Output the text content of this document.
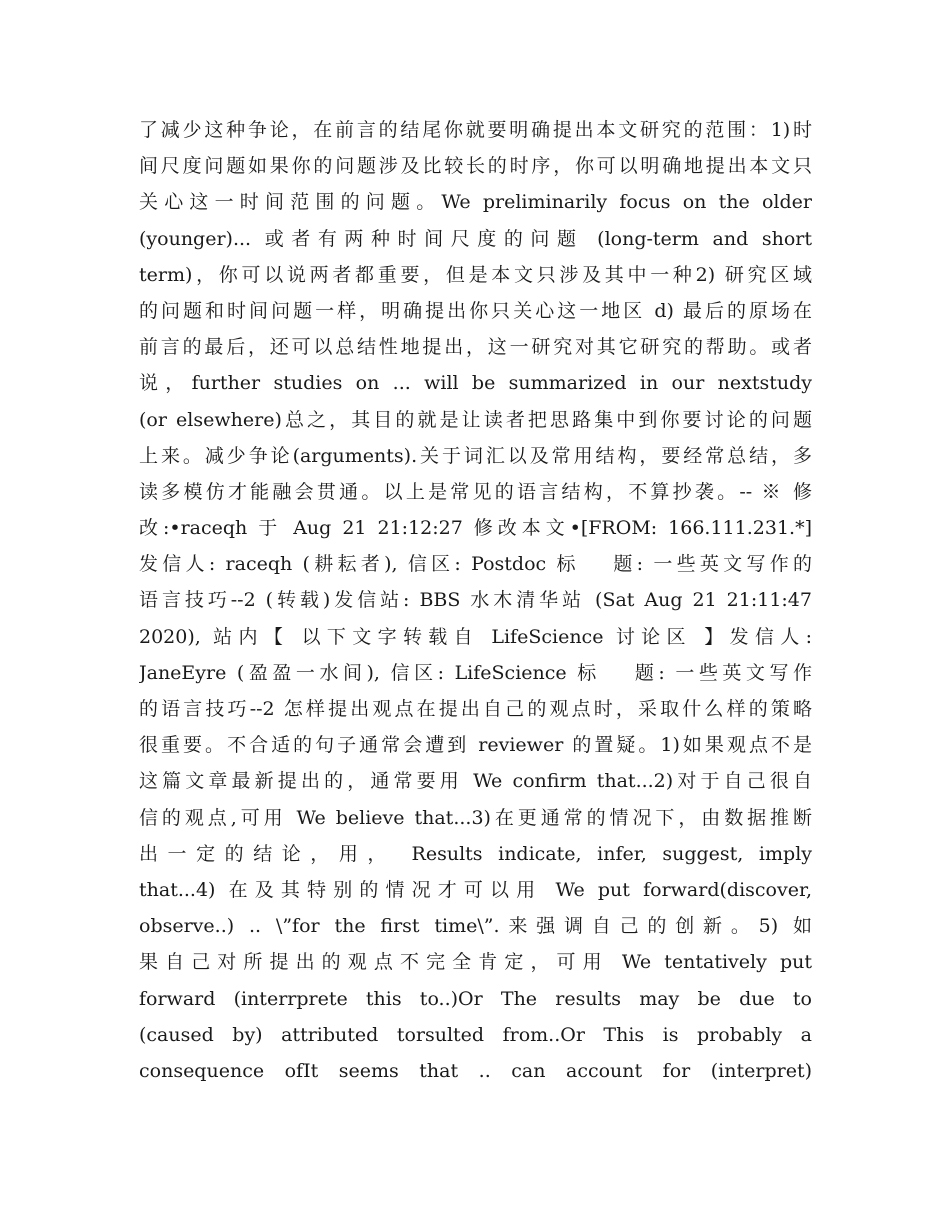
了减少这种争论，在前言的结尾你就要明确提出本文研究的范围：1)时
间尺度问题如果你的问题涉及比较长的时序，你可以明确地提出本文只
关心这一时间范围的问题。We preliminarily focus on the older
(younger)... 或者有两种时间尺度的问题 (long-term and short
term)，你可以说两者都重要，但是本文只涉及其中一种2) 研究区域
的问题和时间问题一样，明确提出你只关心这一地区 d) 最后的原场在
前言的最后，还可以总结性地提出，这一研究对其它研究的帮助。或者
说，further studies on ... will be summarized in our nextstudy
(or elsewhere)总之，其目的就是让读者把思路集中到你要讨论的问题
上来。减少争论(arguments).关于词汇以及常用结构，要经常总结，多
读多模仿才能融会贯通。以上是常见的语言结构，不算抄袭。-- ※ 修
改:•raceqh 于 Aug 21 21:12:27 修改本文•[FROM: 166.111.231.*]
发信人: raceqh (耕耘者), 信区: Postdoc 标　 题: 一些英文写作的
语言技巧--2 (转载)发信站: BBS 水木清华站 (Sat Aug 21 21:11:47
2020), 站内【 以下文字转载自 LifeScience 讨论区 】发信人:
JaneEyre (盈盈一水间), 信区: LifeScience 标　 题: 一些英文写作
的语言技巧--2 怎样提出观点在提出自己的观点时，采取什么样的策略
很重要。不合适的句子通常会遭到 reviewer 的置疑。1)如果观点不是
这篇文章最新提出的，通常要用 We confirm that...2)对于自己很自
信的观点,可用 We believe that...3)在更通常的情况下，由数据推断
出一定的结论，用， Results indicate, infer, suggest, imply
that...4) 在及其特别的情况才可以用 We put forward(discover,
observe..) .. \”for the first time\”.来强调自己的创新。5) 如
果自己对所提出的观点不完全肯定，可用 We tentatively put
forward (interrprete this to..)Or The results may be due to
(caused by) attributed torsulted from..Or This is probably a
consequence ofIt seems that .. can account for (interpret)
